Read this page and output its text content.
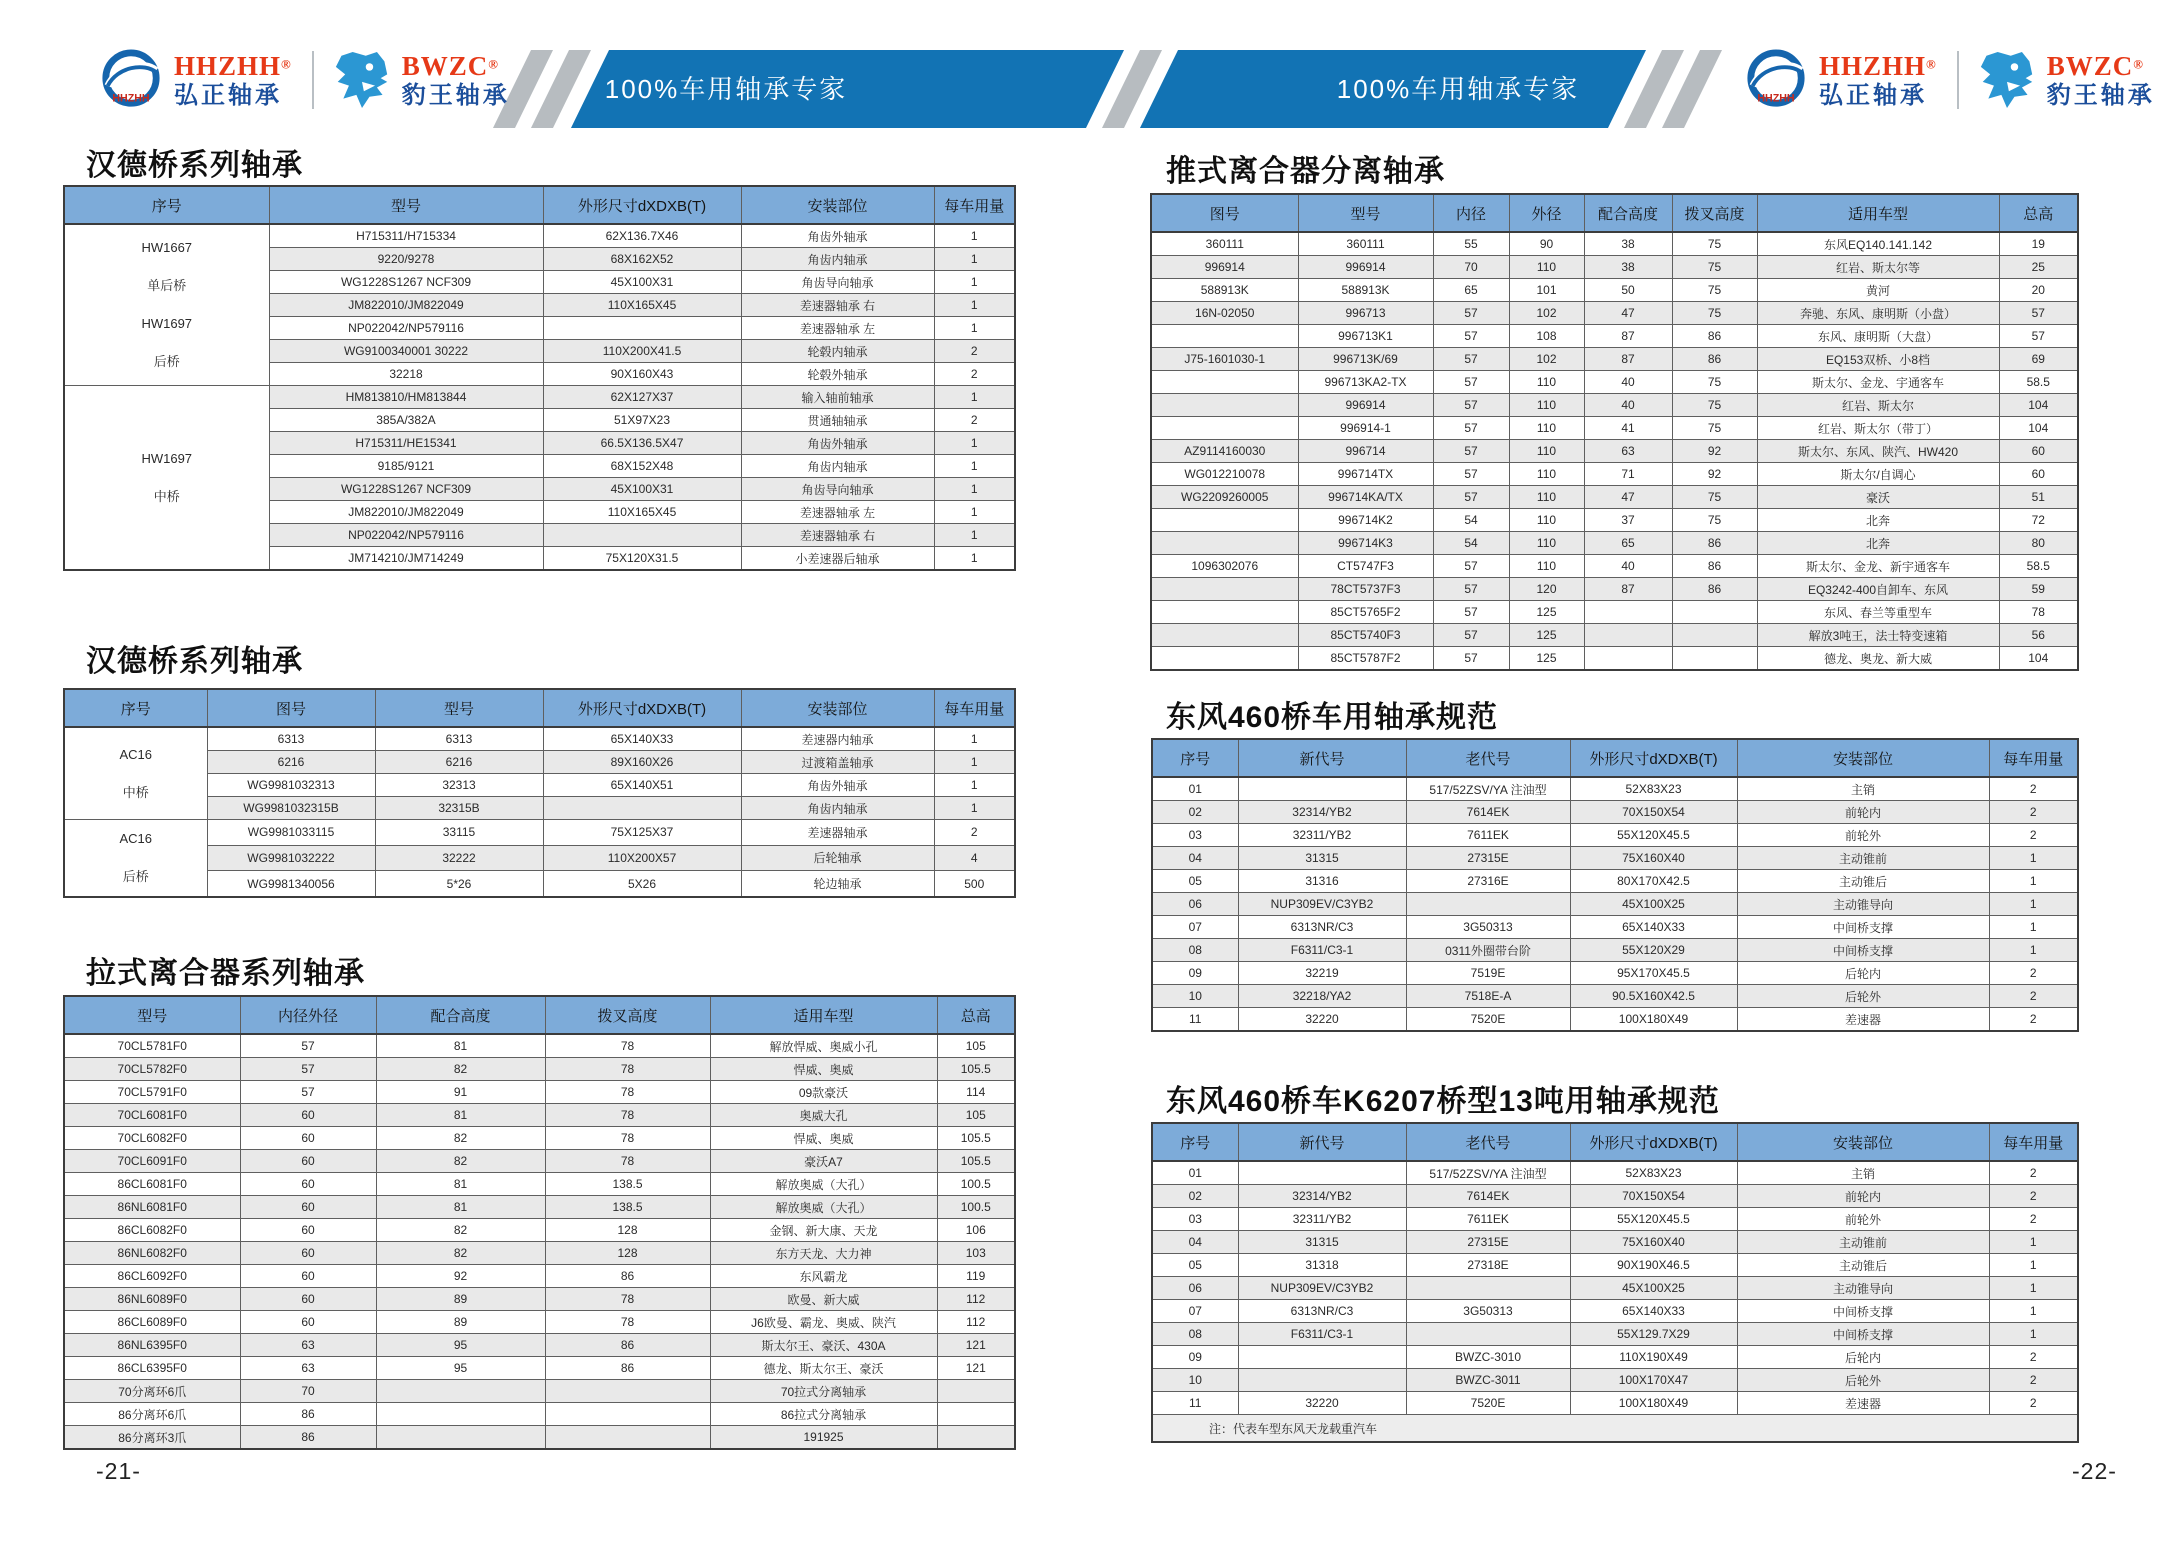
100%车用轴承专家	100%车用轴承专家
HHZHH
HHZHH®
弘正轴承
BWZC®
豹王轴承	HHZHH
HHZHH®
弘正轴承
BWZC®
豹王轴承
汉德桥系列轴承
汉德桥系列轴承
拉式离合器系列轴承
推式离合器分离轴承
东风460桥车用轴承规范
东风460桥车K6207桥型13吨用轴承规范
序号	型号	外形尺寸dXDXB(T)	安装部位	每车用量
HW1667
单后桥
HW1697
后桥	H715311/H715334	62X136.7X46	角齿外轴承	1
	9220/9278	68X162X52	角齿内轴承	1
	WG1228S1267 NCF309	45X100X31	角齿导向轴承	1
	JM822010/JM822049	110X165X45	差速器轴承 右	1
	NP022042/NP579116		差速器轴承 左	1
	WG9100340001 30222	110X200X41.5	轮毂内轴承	2
	32218	90X160X43	轮毂外轴承	2
HW1697
中桥	HM813810/HM813844	62X127X37	输入轴前轴承	1
	385A/382A	51X97X23	贯通轴轴承	2
	H715311/HE15341	66.5X136.5X47	角齿外轴承	1
	9185/9121	68X152X48	角齿内轴承	1
	WG1228S1267 NCF309	45X100X31	角齿导向轴承	1
	JM822010/JM822049	110X165X45	差速器轴承 左	1
	NP022042/NP579116		差速器轴承 右	1
	JM714210/JM714249	75X120X31.5	小差速器后轴承	1
序号	图号	型号	外形尺寸dXDXB(T)	安装部位	每车用量
AC16
中桥	6313	6313	65X140X33	差速器内轴承	1
	6216	6216	89X160X26	过渡箱盖轴承	1
	WG9981032313	32313	65X140X51	角齿外轴承	1
	WG9981032315B	32315B		角齿内轴承	1
AC16
后桥	WG9981033115	33115	75X125X37	差速器轴承	2
	WG9981032222	32222	110X200X57	后轮轴承	4
	WG9981340056	5*26	5X26	轮边轴承	500
型号	内径外径	配合高度	拨叉高度	适用车型	总高
70CL5781F0	57	81	78	解放悍威、奥威小孔	105
70CL5782F0	57	82	78	悍威、奥威	105.5
70CL5791F0	57	91	78	09款豪沃	114
70CL6081F0	60	81	78	奥威大孔	105
70CL6082F0	60	82	78	悍威、奥威	105.5
70CL6091F0	60	82	78	豪沃A7	105.5
86CL6081F0	60	81	138.5	解放奥威（大孔）	100.5
86NL6081F0	60	81	138.5	解放奥威（大孔）	100.5
86CL6082F0	60	82	128	金钢、新大康、天龙	106
86NL6082F0	60	82	128	东方天龙、大力神	103
86CL6092F0	60	92	86	东风霸龙	119
86NL6089F0	60	89	78	欧曼、新大威	112
86CL6089F0	60	89	78	J6欧曼、霸龙、奥威、陕汽	112
86NL6395F0	63	95	86	斯太尔王、豪沃、430A	121
86CL6395F0	63	95	86	德龙、斯太尔王、豪沃	121
70分离环6爪	70			70拉式分离轴承	
86分离环6爪	86			86拉式分离轴承	
86分离环3爪	86			191925	
图号	型号	内径	外径	配合高度	拨叉高度	适用车型	总高
360111	360111	55	90	38	75	东风EQ140.141.142	19
996914	996914	70	110	38	75	红岩、斯太尔等	25
588913K	588913K	65	101	50	75	黄河	20
16N-02050	996713	57	102	47	75	奔驰、东风、康明斯（小盘）	57
	996713K1	57	108	87	86	东风、康明斯（大盘）	57
J75-1601030-1	996713K/69	57	102	87	86	EQ153双桥、小8档	69
	996713KA2-TX	57	110	40	75	斯太尔、金龙、宇通客车	58.5
	996914	57	110	40	75	红岩、斯太尔	104
	996914-1	57	110	41	75	红岩、斯太尔（带丁）	104
AZ9114160030	996714	57	110	63	92	斯太尔、东风、陕汽、HW420	60
WG012210078	996714TX	57	110	71	92	斯太尔/自调心	60
WG2209260005	996714KA/TX	57	110	47	75	豪沃	51
	996714K2	54	110	37	75	北奔	72
	996714K3	54	110	65	86	北奔	80
1096302076	CT5747F3	57	110	40	86	斯太尔、金龙、新宇通客车	58.5
	78CT5737F3	57	120	87	86	EQ3242-400自卸车、东风	59
	85CT5765F2	57	125			东风、春兰等重型车	78
	85CT5740F3	57	125			解放3吨王，法士特变速箱	56
	85CT5787F2	57	125			德龙、奥龙、新大威	104
序号	新代号	老代号	外形尺寸dXDXB(T)	安装部位	每车用量
01		517/52ZSV/YA 注油型	52X83X23	主销	2
02	32314/YB2	7614EK	70X150X54	前轮内	2
03	32311/YB2	7611EK	55X120X45.5	前轮外	2
04	31315	27315E	75X160X40	主动锥前	1
05	31316	27316E	80X170X42.5	主动锥后	1
06	NUP309EV/C3YB2		45X100X25	主动锥导向	1
07	6313NR/C3	3G50313	65X140X33	中间桥支撑	1
08	F6311/C3-1	0311外圈带台阶	55X120X29	中间桥支撑	1
09	32219	7519E	95X170X45.5	后轮内	2
10	32218/YA2	7518E-A	90.5X160X42.5	后轮外	2
11	32220	7520E	100X180X49	差速器	2
序号	新代号	老代号	外形尺寸dXDXB(T)	安装部位	每车用量
01		517/52ZSV/YA 注油型	52X83X23	主销	2
02	32314/YB2	7614EK	70X150X54	前轮内	2
03	32311/YB2	7611EK	55X120X45.5	前轮外	2
04	31315	27315E	75X160X40	主动锥前	1
05	31318	27318E	90X190X46.5	主动锥后	1
06	NUP309EV/C3YB2		45X100X25	主动锥导向	1
07	6313NR/C3	3G50313	65X140X33	中间桥支撑	1
08	F6311/C3-1		55X129.7X29	中间桥支撑	1
09		BWZC-3010	110X190X49	后轮内	2
10		BWZC-3011	100X170X47	后轮外	2
11	32220	7520E	100X180X49	差速器	2
注：代表车型东风天龙载重汽车					
-21-	-22-
